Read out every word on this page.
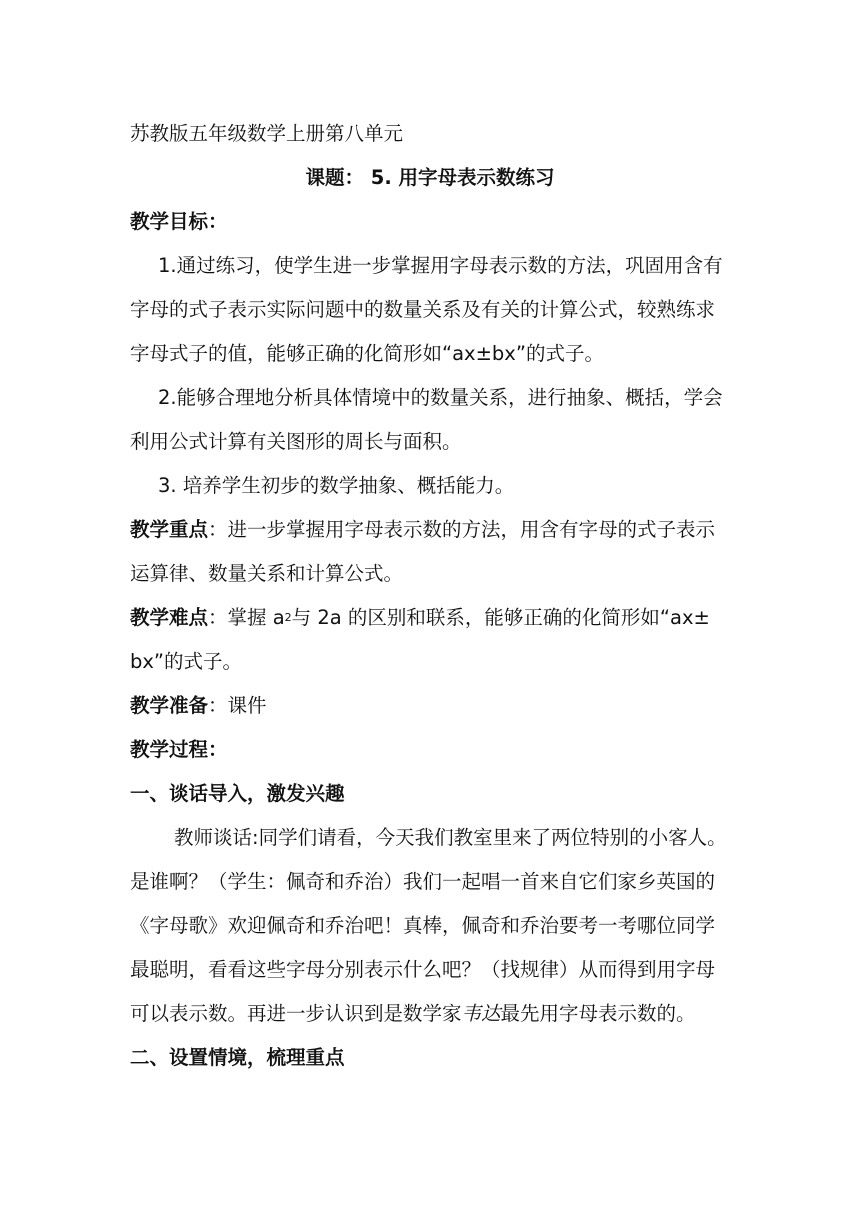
苏教版五年级数学上册第八单元
课题： 5. 用字母表示数练习
教学目标：
1.通过练习，使学生进一步掌握用字母表示数的方法，巩固用含有
字母的式子表示实际问题中的数量关系及有关的计算公式，较熟练求
字母式子的值，能够正确的化简形如“ax±bx”的式子。
2.能够合理地分析具体情境中的数量关系，进行抽象、概括，学会
利用公式计算有关图形的周长与面积。
3. 培养学生初步的数学抽象、概括能力。
教学重点 ：进一步掌握用字母表示数的方法，用含有字母的式子表示
运算律、数量关系和计算公式。
教学难点 ：掌握 a 2 与 2a 的区别和联系，能够正确的化简形如“ax±
bx”的式子。
教学准备 ：课件
教学过程：
一、谈话导入，激发兴趣
教师谈话:同学们请看，今天我们教室里来了两位特别的小客人。
是谁啊？（学生：佩奇和乔治）我们一起唱一首来自它们家乡英国的
《字母歌》欢迎佩奇和乔治吧！真棒，佩奇和乔治要考一考哪位同学
最聪明，看看这些字母分别表示什么吧？（找规律）从而得到用字母
可以表示数。再进一步认识到是数学家 韦达 最先用字母表示数的。
二、设置情境，梳理重点
